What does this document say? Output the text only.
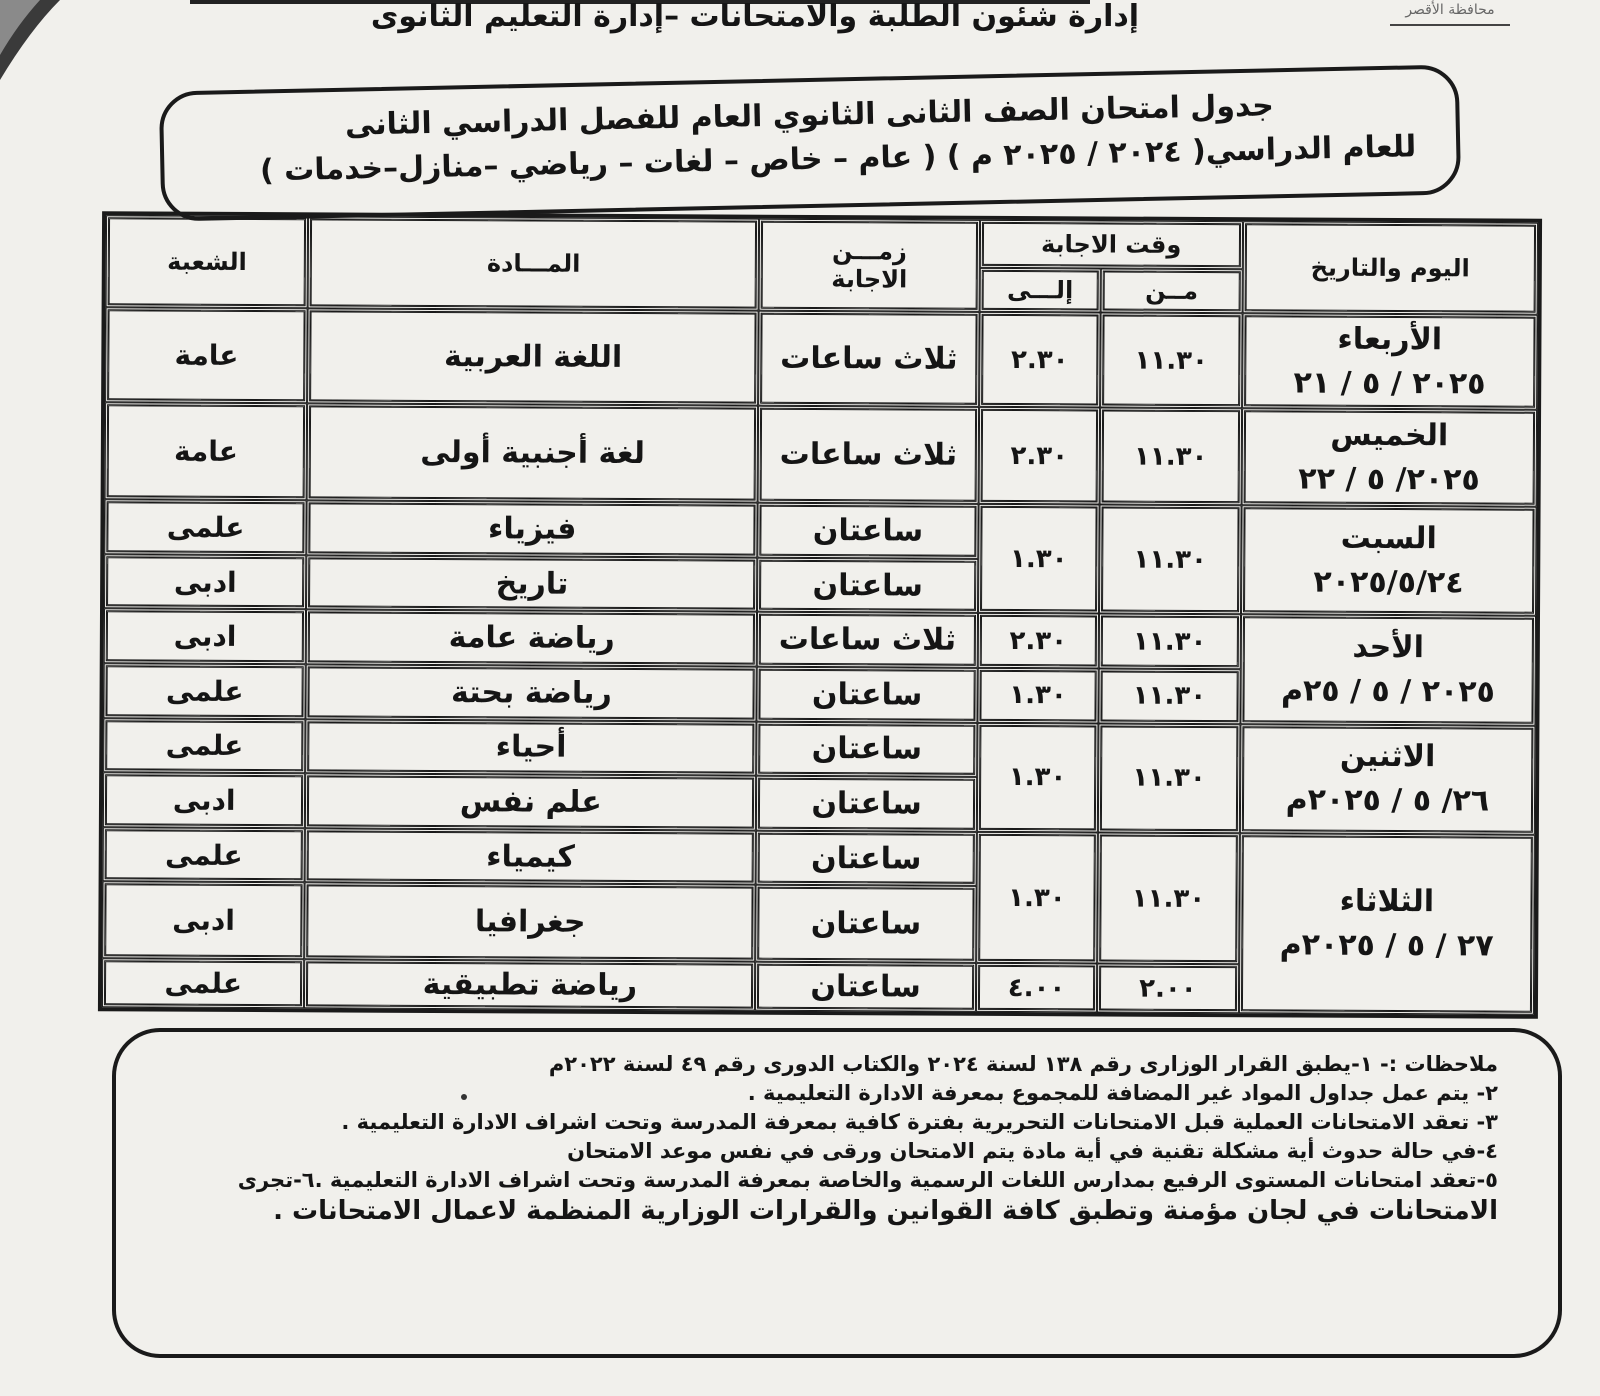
إدارة شئون الطلبة والامتحانات –إدارة التعليم الثانوى	محافظة الأقصر
جدول امتحان الصف الثانى الثانوي العام للفصل الدراسي الثانى
للعام الدراسي( ٢٠٢٤ / ٢٠٢٥ م ) ( عام – خاص – لغات – رياضي –منازل–خدمات )
اليوم والتاريخ	وقت الاجابة		زمـــن
الاجابة	المـــادة	الشعبة
	مــن	إلـــى			

الأربعاء
٢٠٢٥ / ٥ / ٢١	١١.٣٠	٢.٣٠	ثلاث ساعات	اللغة العربية	عامة

الخميس
٢٠٢٥/ ٥ / ٢٢	١١.٣٠	٢.٣٠	ثلاث ساعات	لغة أجنبية أولى	عامة

السبت
٢٠٢٥/٥/٢٤	١١.٣٠	١.٣٠	ساعتان	فيزياء	علمى
			ساعتان	تاريخ	ادبى

الأحد
٢٠٢٥ / ٥ / ٢٥م	١١.٣٠	٢.٣٠	ثلاث ساعات	رياضة عامة	ادبى
	١١.٣٠	١.٣٠	ساعتان	رياضة بحتة	علمى

الاثنين
٢٦/ ٥ / ٢٠٢٥م	١١.٣٠	١.٣٠	ساعتان	أحياء	علمى
			ساعتان	علم نفس	ادبى

الثلاثاء
٢٧ / ٥ / ٢٠٢٥م	١١.٣٠	١.٣٠	ساعتان	كيمياء	علمى
			ساعتان	جغرافيا	ادبى
	٢.٠٠	٤.٠٠	ساعتان	رياضة تطبيقية	علمى
ملاحظات :- ١-يطبق القرار الوزارى رقم ١٣٨ لسنة ٢٠٢٤ والكتاب الدورى رقم ٤٩ لسنة ٢٠٢٢م
٢- يتم عمل جداول المواد غير المضافة للمجموع بمعرفة الادارة التعليمية .
٣- تعقد الامتحانات العملية قبل الامتحانات التحريرية بفترة كافية بمعرفة المدرسة وتحت اشراف الادارة التعليمية .
٤-في حالة حدوث أية مشكلة تقنية في أية مادة يتم الامتحان ورقى في نفس موعد الامتحان
٥-تعقد امتحانات المستوى الرفيع بمدارس اللغات الرسمية والخاصة بمعرفة المدرسة وتحت اشراف الادارة التعليمية .٦-تجرى
الامتحانات في لجان مؤمنة وتطبق كافة القوانين والقرارات الوزارية المنظمة لاعمال الامتحانات .
